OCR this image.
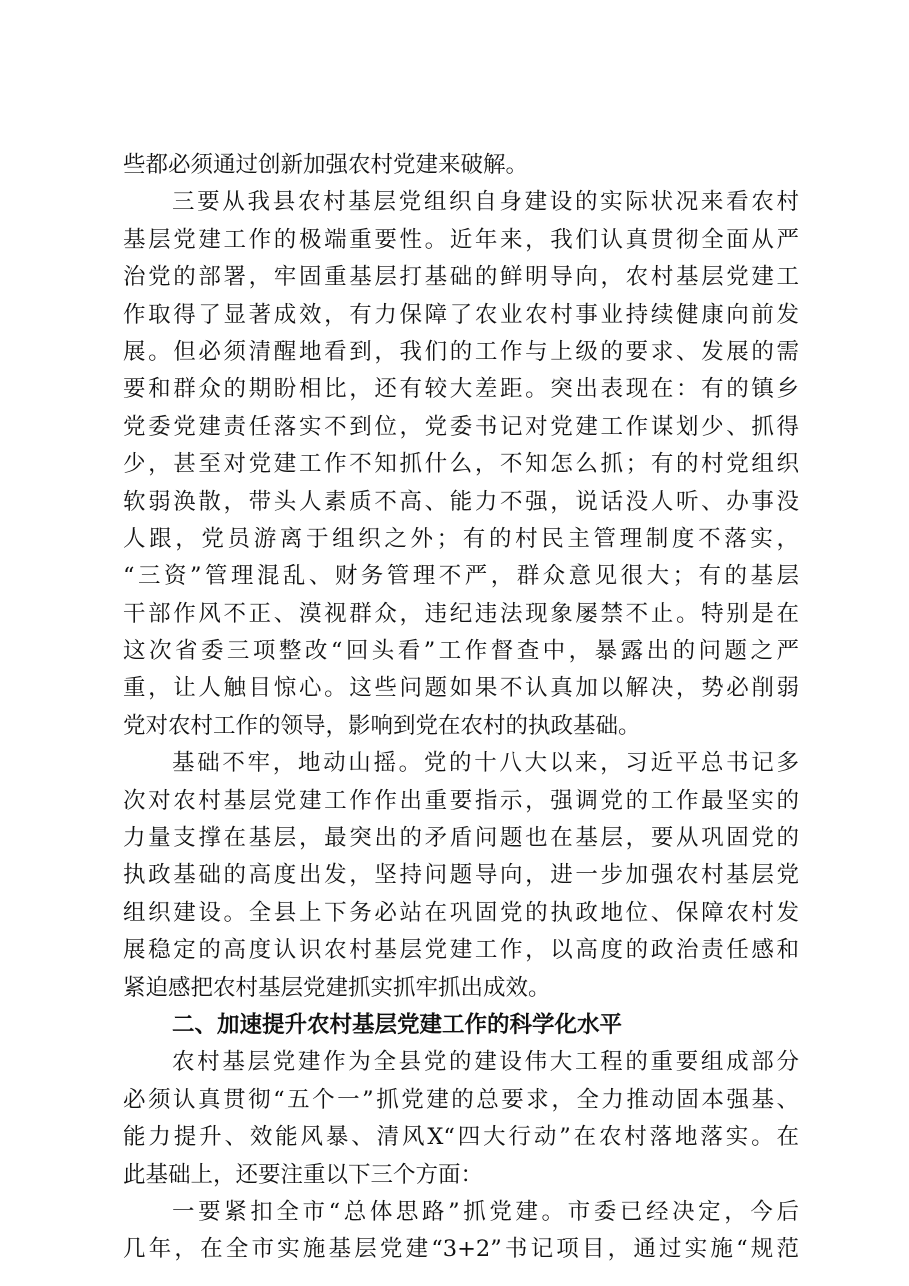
些都必须通过创新加强农村党建来破解。
三要从我县农村基层党组织自身建设的实际状况来看农村
基层党建工作的极端重要性。近年来，我们认真贯彻全面从严
治党的部署，牢固重基层打基础的鲜明导向，农村基层党建工
作取得了显著成效，有力保障了农业农村事业持续健康向前发
展。但必须清醒地看到，我们的工作与上级的要求、发展的需
要和群众的期盼相比，还有较大差距。突出表现在：有的镇乡
党委党建责任落实不到位，党委书记对党建工作谋划少、抓得
少，甚至对党建工作不知抓什么，不知怎么抓；有的村党组织
软弱涣散，带头人素质不高、能力不强，说话没人听、办事没
人跟，党员游离于组织之外；有的村民主管理制度不落实，
“三资”管理混乱、财务管理不严，群众意见很大；有的基层
干部作风不正、漠视群众，违纪违法现象屡禁不止。特别是在
这次省委三项整改“回头看”工作督查中，暴露出的问题之严
重，让人触目惊心。这些问题如果不认真加以解决，势必削弱
党对农村工作的领导，影响到党在农村的执政基础。
基础不牢，地动山摇。党的十八大以来，习近平总书记多
次对农村基层党建工作作出重要指示，强调党的工作最坚实的
力量支撑在基层，最突出的矛盾问题也在基层，要从巩固党的
执政基础的高度出发，坚持问题导向，进一步加强农村基层党
组织建设。全县上下务必站在巩固党的执政地位、保障农村发
展稳定的高度认识农村基层党建工作，以高度的政治责任感和
紧迫感把农村基层党建抓实抓牢抓出成效。
二、加速提升农村基层党建工作的科学化水平
农村基层党建作为全县党的建设伟大工程的重要组成部分
必须认真贯彻“五个一”抓党建的总要求，全力推动固本强基、
能力提升、效能风暴、清风X“四大行动”在农村落地落实。在
此基础上，还要注重以下三个方面：
一要紧扣全市“总体思路”抓党建。市委已经决定，今后
几年，在全市实施基层党建“3+2”书记项目，通过实施“规范
